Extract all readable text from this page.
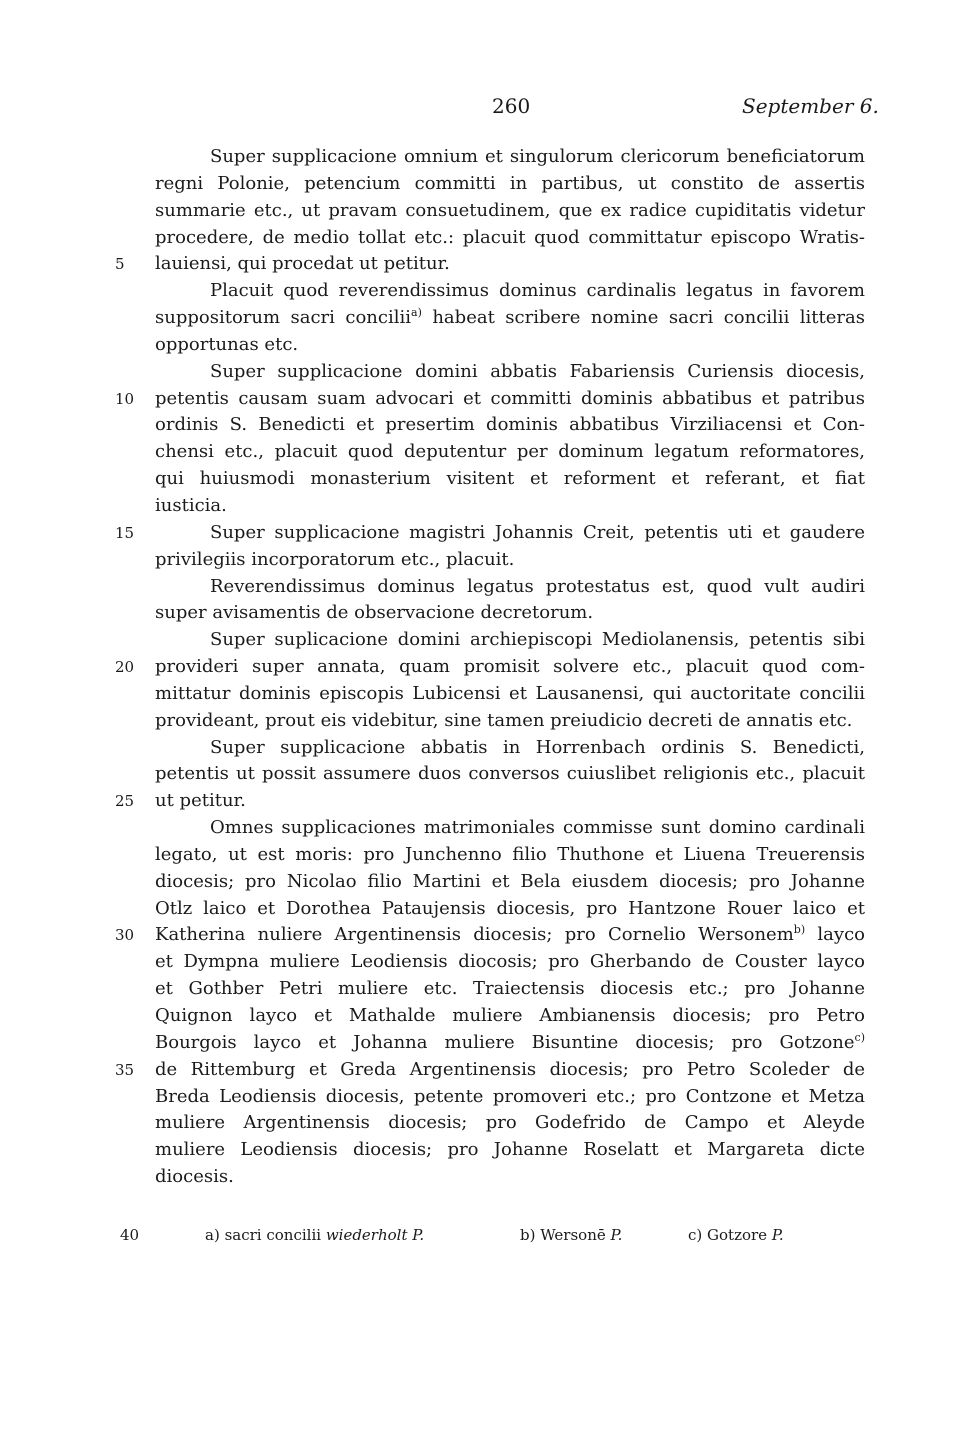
260	September 6.
Super supplicacione omnium et singulorum clericorum beneficiatorum
regni Polonie, petencium committi in partibus, ut constito de assertis
summarie etc., ut pravam consuetudinem, que ex radice cupiditatis videtur
procedere, de medio tollat etc.: placuit quod committatur episcopo Wratis-
5	lauiensi, qui procedat ut petitur.
Placuit quod reverendissimus dominus cardinalis legatus in favorem
suppositorum sacri concilii$^{a)}$ habeat scribere nomine sacri concilii litteras
opportunas etc.
Super supplicacione domini abbatis Fabariensis Curiensis diocesis,
10	petentis causam suam advocari et committi dominis abbatibus et patribus
ordinis S. Benedicti et presertim dominis abbatibus Virziliacensi et Con-
chensi etc., placuit quod deputentur per dominum legatum reformatores,
qui huiusmodi monasterium visitent et reforment et referant, et fiat
iusticia.
15	Super supplicacione magistri Johannis Creit, petentis uti et gaudere
privilegiis incorporatorum etc., placuit.
Reverendissimus dominus legatus protestatus est, quod vult audiri
super avisamentis de observacione decretorum.
Super suplicacione domini archiepiscopi Mediolanensis, petentis sibi
20	provideri super annata, quam promisit solvere etc., placuit quod com-
mittatur dominis episcopis Lubicensi et Lausanensi, qui auctoritate concilii
provideant, prout eis videbitur, sine tamen preiudicio decreti de annatis etc.
Super supplicacione abbatis in Horrenbach ordinis S. Benedicti,
petentis ut possit assumere duos conversos cuiuslibet religionis etc., placuit
25	ut petitur.
Omnes supplicaciones matrimoniales commisse sunt domino cardinali
legato, ut est moris: pro Junchenno filio Thuthone et Liuena Treuerensis
diocesis; pro Nicolao filio Martini et Bela eiusdem diocesis; pro Johanne
Otlz laico et Dorothea Pataujensis diocesis, pro Hantzone Rouer laico et
30	Katherina nuliere Argentinensis diocesis; pro Cornelio Wersonem$^{b)}$ layco
et Dympna muliere Leodiensis diocosis; pro Gherbando de Couster layco
et Gothber Petri muliere etc. Traiectensis diocesis etc.; pro Johanne
Quignon layco et Mathalde muliere Ambianensis diocesis; pro Petro
Bourgois layco et Johanna muliere Bisuntine diocesis; pro Gotzone$^{c)}$
35	de Rittemburg et Greda Argentinensis diocesis; pro Petro Scoleder de
Breda Leodiensis diocesis, petente promoveri etc.; pro Contzone et Metza
muliere Argentinensis diocesis; pro Godefrido de Campo et Aleyde
muliere Leodiensis diocesis; pro Johanne Roselatt et Margareta dicte
diocesis.
40	a) sacri concilii wiederholt P.	b) Wersonē P.	c) Gotzore P.
